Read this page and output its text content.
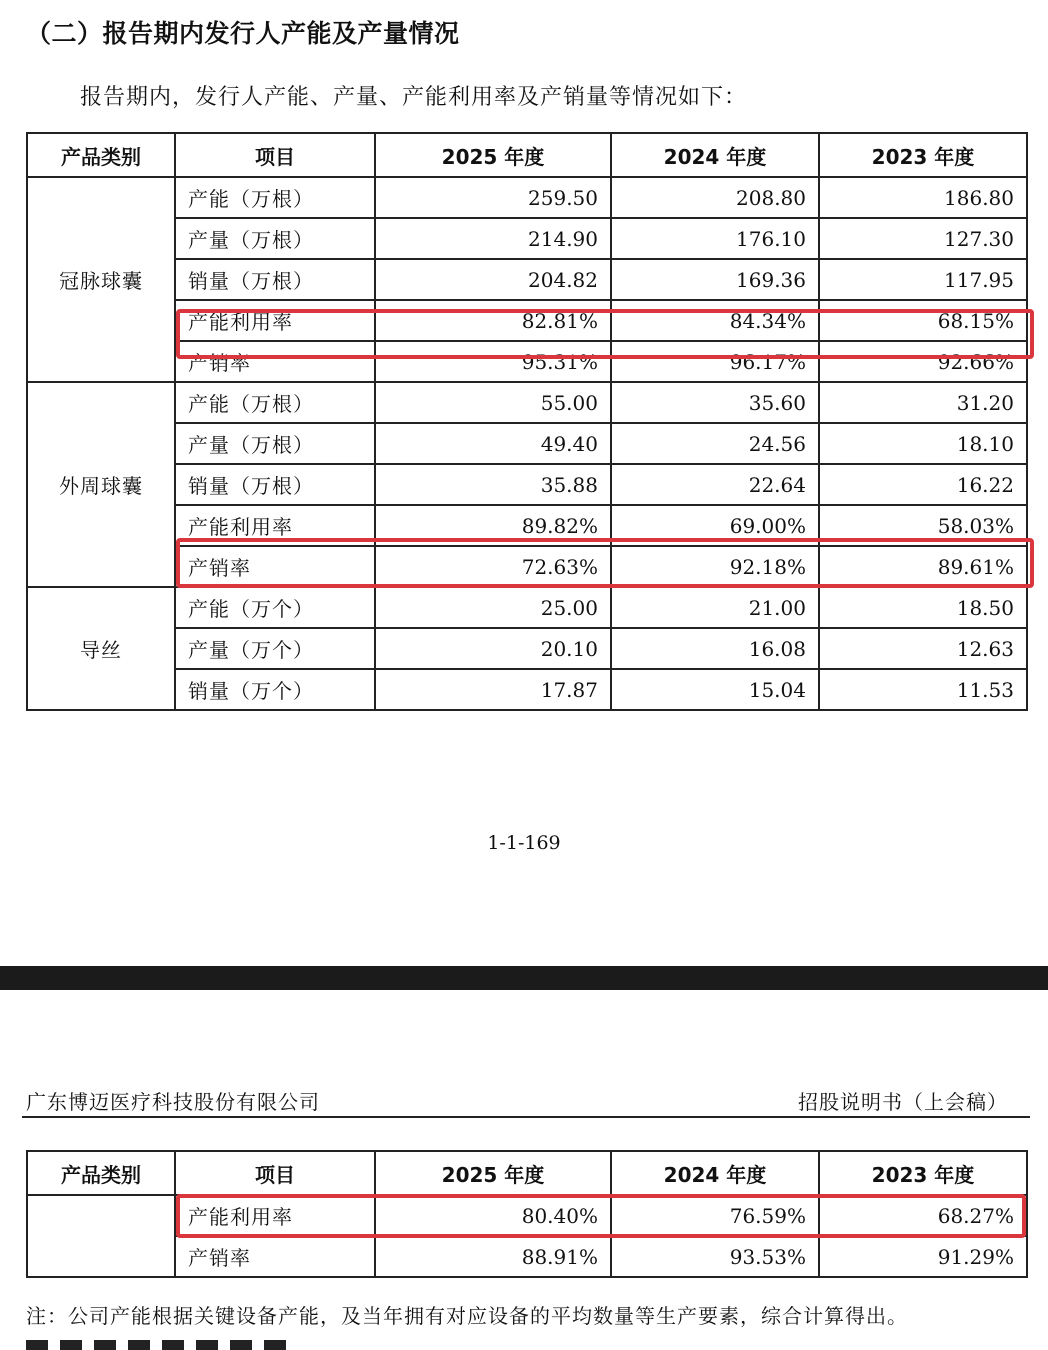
（二）报告期内发行人产能及产量情况

报告期内，发行人产能、产量、产能利用率及产销量等情况如下：

产品类别	项目	2025 年度	2024 年度	2023 年度
冠脉球囊	产能（万根）	259.50	208.80	186.80
	产量（万根）	214.90	176.10	127.30
	销量（万根）	204.82	169.36	117.95
	产能利用率	82.81%	84.34%	68.15%
	产销率	95.31%	96.17%	92.66%
外周球囊	产能（万根）	55.00	35.60	31.20
	产量（万根）	49.40	24.56	18.10
	销量（万根）	35.88	22.64	16.22
	产能利用率	89.82%	69.00%	58.03%
	产销率	72.63%	92.18%	89.61%
导丝	产能（万个）	25.00	21.00	18.50
	产量（万个）	20.10	16.08	12.63
	销量（万个）	17.87	15.04	11.53

1-1-169

广东博迈医疗科技股份有限公司	招股说明书（上会稿）
产品类别	项目	2025 年度	2024 年度	2023 年度
	产能利用率	80.40%	76.59%	68.27%
	产销率	88.91%	93.53%	91.29%

注：公司产能根据关键设备产能，及当年拥有对应设备的平均数量等生产要素，综合计算得出。
